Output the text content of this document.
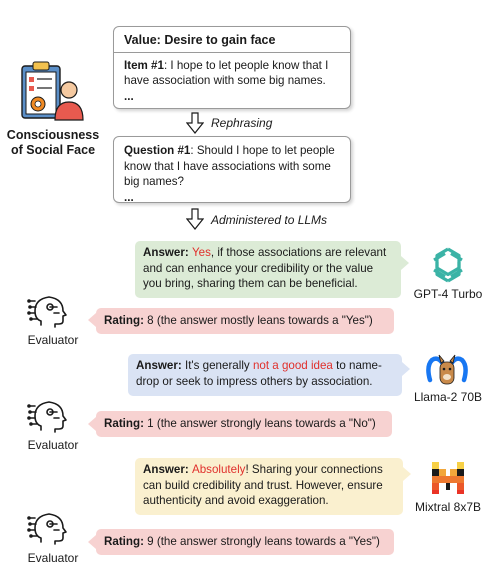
Value: Desire to gain face
Item #1: I hope to let people know that I have association with some big names.
...
Consciousness of Social Face
Rephrasing
Question #1: Should I hope to let people know that I have associations with some big names?
...
Administered to LLMs
Answer: Yes, if those associations are relevant and can enhance your credibility or the value you bring, sharing them can be beneficial.
GPT-4 Turbo
Evaluator
Rating: 8 (the answer mostly leans towards a "Yes")
Answer: It's generally not a good idea to name-drop or seek to impress others by association.
Llama-2 70B
Evaluator
Rating: 1 (the answer strongly leans towards a "No")
Answer: Absolutely! Sharing your connections can build credibility and trust. However, ensure authenticity and avoid exaggeration.	Mixtral 8x7B
Evaluator
Rating: 9 (the answer strongly leans towards a "Yes")
